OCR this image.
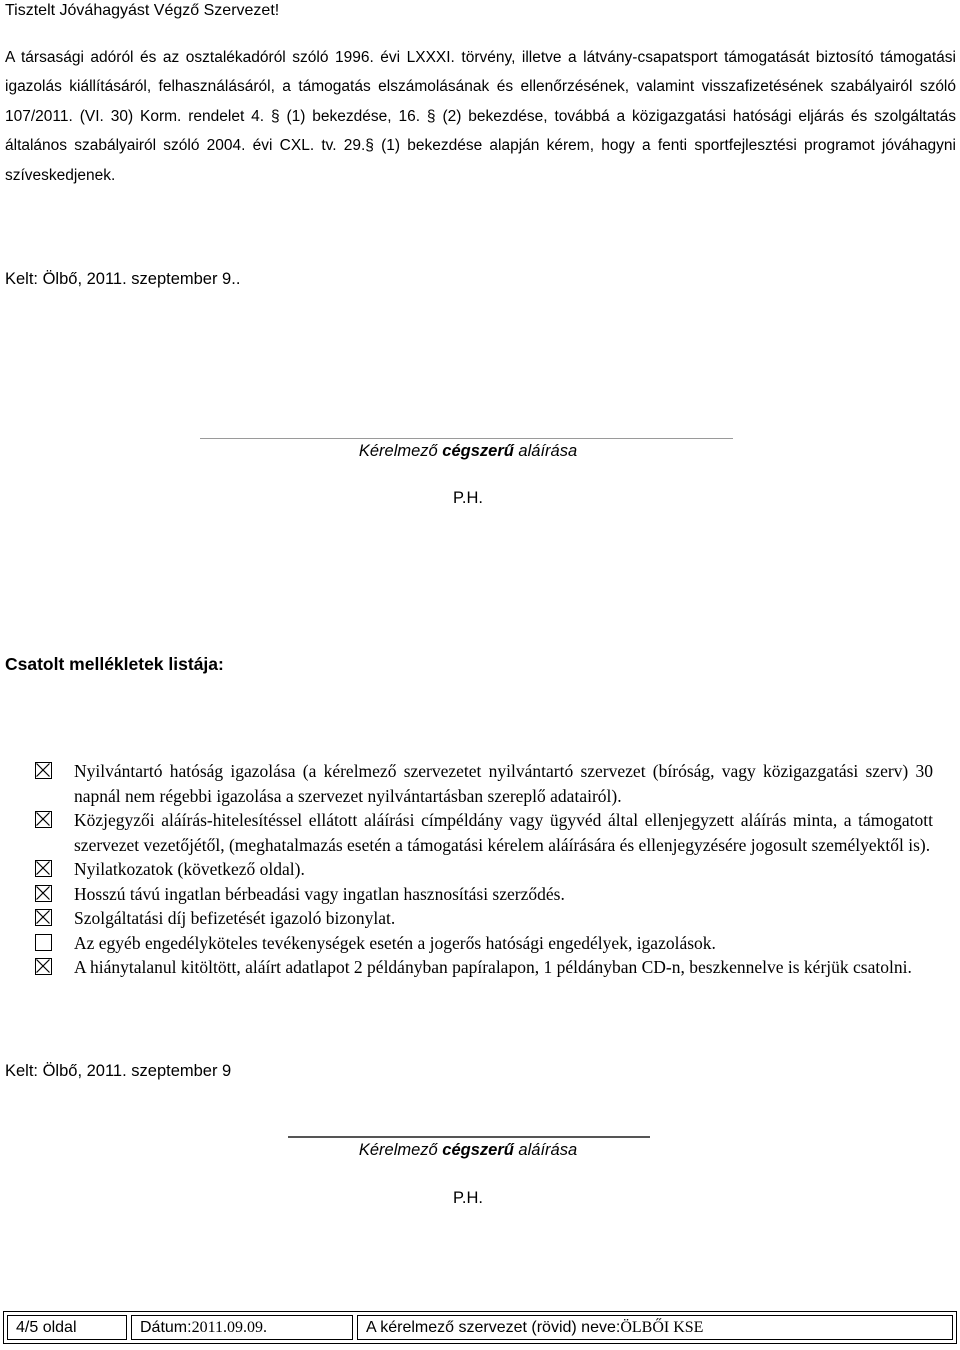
Tisztelt Jóváhagyást Végző Szervezet!

A társasági adóról és az osztalékadóról szóló 1996. évi LXXXI. törvény, illetve a látvány-csapatsport támogatását biztosító támogatási igazolás kiállításáról, felhasználásáról, a támogatás elszámolásának és ellenőrzésének, valamint visszafizetésének szabályairól szóló 107/2011. (VI. 30) Korm. rendelet 4. § (1) bekezdése, 16. § (2) bekezdése, továbbá a közigazgatási hatósági eljárás és szolgáltatás általános szabályairól szóló 2004. évi CXL. tv. 29.§ (1) bekezdése alapján kérem, hogy a fenti sportfejlesztési programot jóváhagyni szíveskedjenek.

Kelt: Ölbő, 2011. szeptember 9..
Kérelmező cégszerű aláírása
P.H.
Csatolt mellékletek listája:
Nyilvántartó hatóság igazolása (a kérelmező szervezetet nyilvántartó szervezet (bíróság, vagy közigazgatási szerv) 30 napnál nem régebbi igazolása a szervezet nyilvántartásban szereplő adatairól).
Közjegyzői aláírás-hitelesítéssel ellátott aláírási címpéldány vagy ügyvéd által ellenjegyzett aláírás minta, a támogatott szervezet vezetőjétől, (meghatalmazás esetén a támogatási kérelem aláírására és ellenjegyzésére jogosult személyektől is).
Nyilatkozatok (következő oldal).
Hosszú távú ingatlan bérbeadási vagy ingatlan hasznosítási szerződés.
Szolgáltatási díj befizetését igazoló bizonylat.
Az egyéb engedélyköteles tevékenységek esetén a jogerős hatósági engedélyek, igazolások.
A hiánytalanul kitöltött, aláírt adatlapot 2 példányban papíralapon, 1 példányban CD-n, beszkennelve is kérjük csatolni.
Kelt: Ölbő, 2011. szeptember 9
Kérelmező cégszerű aláírása
P.H.
4/5 oldal	Dátum: 2011.09.09.	A kérelmező szervezet (rövid) neve: ÖLBŐI KSE
